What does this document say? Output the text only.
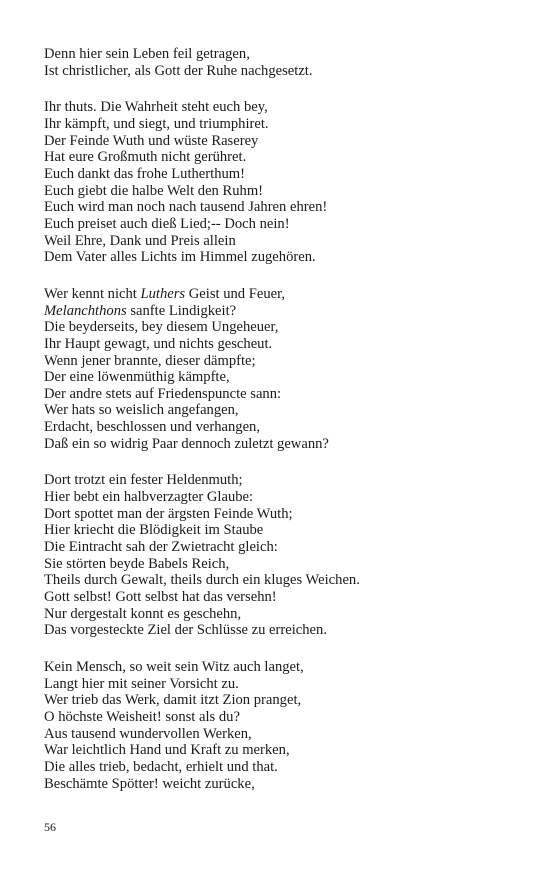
Denn hier sein Leben feil getragen,
Ist christlicher, als Gott der Ruhe nachgesetzt.
Ihr thuts. Die Wahrheit steht euch bey,
Ihr kämpft, und siegt, und triumphiret.
Der Feinde Wuth und wüste Raserey
Hat eure Großmuth nicht gerühret.
Euch dankt das frohe Lutherthum!
Euch giebt die halbe Welt den Ruhm!
Euch wird man noch nach tausend Jahren ehren!
Euch preiset auch dieß Lied;-- Doch nein!
Weil Ehre, Dank und Preis allein
Dem Vater alles Lichts im Himmel zugehören.
Wer kennt nicht Luthers Geist und Feuer,
Melanchthons sanfte Lindigkeit?
Die beyderseits, bey diesem Ungeheuer,
Ihr Haupt gewagt, und nichts gescheut.
Wenn jener brannte, dieser dämpfte;
Der eine löwenmüthig kämpfte,
Der andre stets auf Friedenspuncte sann:
Wer hats so weislich angefangen,
Erdacht, beschlossen und verhangen,
Daß ein so widrig Paar dennoch zuletzt gewann?
Dort trotzt ein fester Heldenmuth;
Hier bebt ein halbverzagter Glaube:
Dort spottet man der ärgsten Feinde Wuth;
Hier kriecht die Blödigkeit im Staube
Die Eintracht sah der Zwietracht gleich:
Sie störten beyde Babels Reich,
Theils durch Gewalt, theils durch ein kluges Weichen.
Gott selbst! Gott selbst hat das versehn!
Nur dergestalt konnt es geschehn,
Das vorgesteckte Ziel der Schlüsse zu erreichen.
Kein Mensch, so weit sein Witz auch langet,
Langt hier mit seiner Vorsicht zu.
Wer trieb das Werk, damit itzt Zion pranget,
O höchste Weisheit! sonst als du?
Aus tausend wundervollen Werken,
War leichtlich Hand und Kraft zu merken,
Die alles trieb, bedacht, erhielt und that.
Beschämte Spötter! weicht zurücke,
56
